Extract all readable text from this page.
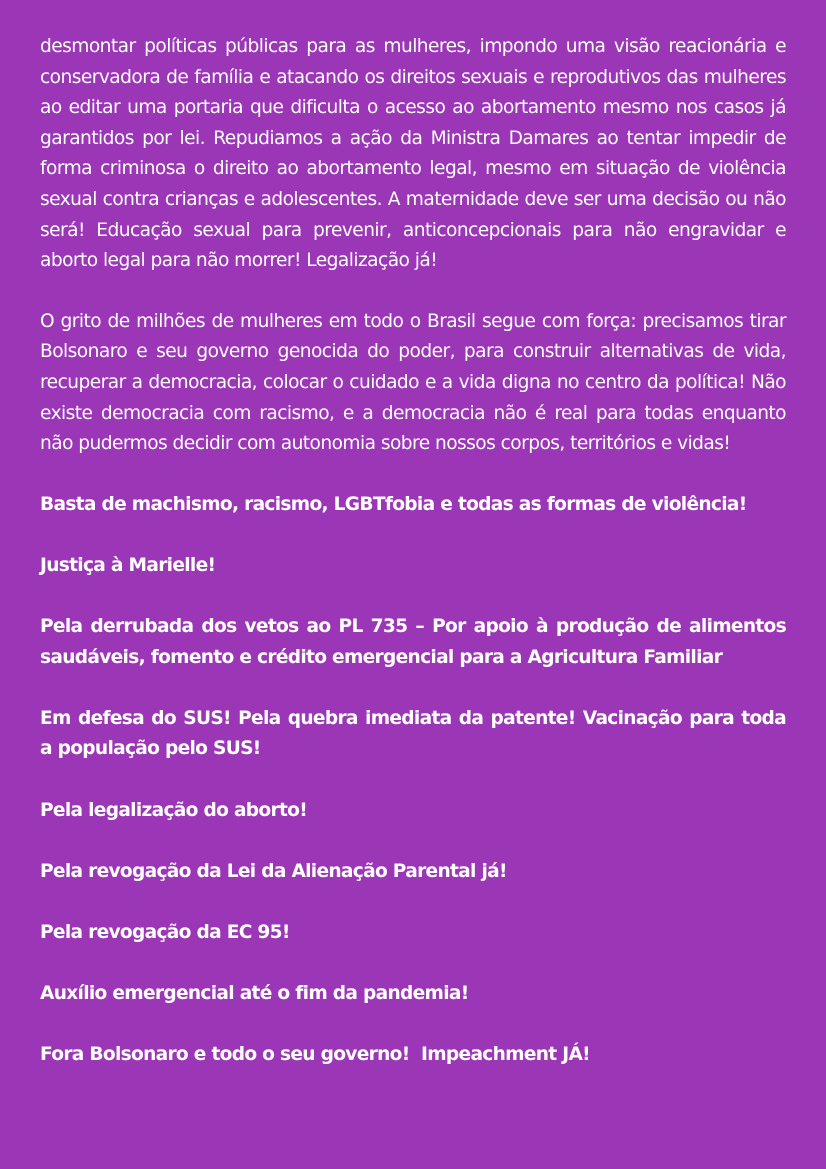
desmontar políticas públicas para as mulheres, impondo uma visão reacionária e conservadora de família e atacando os direitos sexuais e reprodutivos das mulheres ao editar uma portaria que dificulta o acesso ao abortamento mesmo nos casos já garantidos por lei. Repudiamos a ação da Ministra Damares ao tentar impedir de forma criminosa o direito ao abortamento legal, mesmo em situação de violência sexual contra crianças e adolescentes. A maternidade deve ser uma decisão ou não será! Educação sexual para prevenir, anticoncepcionais para não engravidar e aborto legal para não morrer! Legalização já!

O grito de milhões de mulheres em todo o Brasil segue com força: precisamos tirar Bolsonaro e seu governo genocida do poder, para construir alternativas de vida, recuperar a democracia, colocar o cuidado e a vida digna no centro da política! Não existe democracia com racismo, e a democracia não é real para todas enquanto não pudermos decidir com autonomia sobre nossos corpos, territórios e vidas!

Basta de machismo, racismo, LGBTfobia e todas as formas de violência!

Justiça à Marielle!

Pela derrubada dos vetos ao PL 735 – Por apoio à produção de alimentos saudáveis, fomento e crédito emergencial para a Agricultura Familiar

Em defesa do SUS! Pela quebra imediata da patente! Vacinação para toda a população pelo SUS!

Pela legalização do aborto!

Pela revogação da Lei da Alienação Parental já!

Pela revogação da EC 95!

Auxílio emergencial até o fim da pandemia!

Fora Bolsonaro e todo o seu governo!  Impeachment JÁ!
